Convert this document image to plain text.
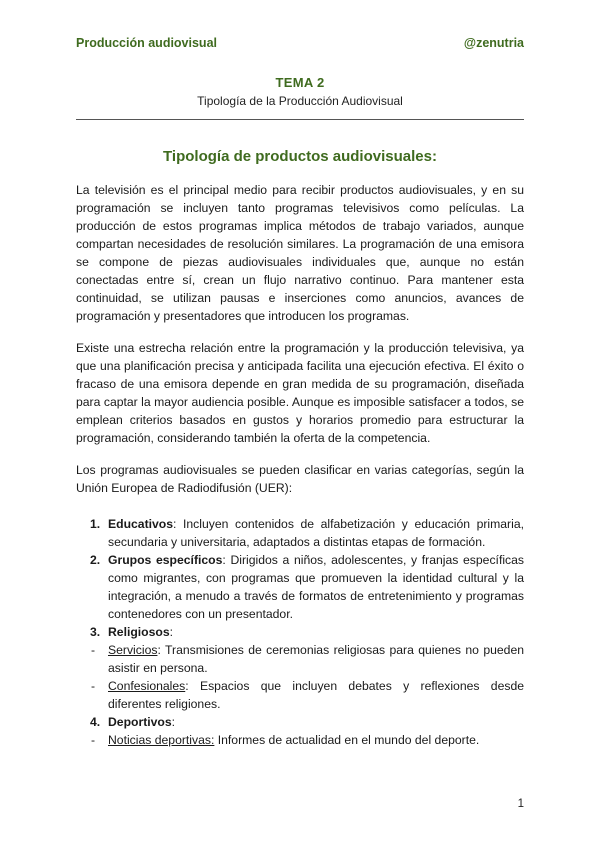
Producción audiovisual	@zenutria
TEMA 2
Tipología de la Producción Audiovisual
Tipología de productos audiovisuales:

La televisión es el principal medio para recibir productos audiovisuales, y en su programación se incluyen tanto programas televisivos como películas. La producción de estos programas implica métodos de trabajo variados, aunque compartan necesidades de resolución similares. La programación de una emisora se compone de piezas audiovisuales individuales que, aunque no están conectadas entre sí, crean un flujo narrativo continuo. Para mantener esta continuidad, se utilizan pausas e inserciones como anuncios, avances de programación y presentadores que introducen los programas.

Existe una estrecha relación entre la programación y la producción televisiva, ya que una planificación precisa y anticipada facilita una ejecución efectiva. El éxito o fracaso de una emisora depende en gran medida de su programación, diseñada para captar la mayor audiencia posible. Aunque es imposible satisfacer a todos, se emplean criterios basados en gustos y horarios promedio para estructurar la programación, considerando también la oferta de la competencia.

Los programas audiovisuales se pueden clasificar en varias categorías, según la Unión Europea de Radiodifusión (UER):

1. Educativos: Incluyen contenidos de alfabetización y educación primaria, secundaria y universitaria, adaptados a distintas etapas de formación.
2. Grupos específicos: Dirigidos a niños, adolescentes, y franjas específicas como migrantes, con programas que promueven la identidad cultural y la integración, a menudo a través de formatos de entretenimiento y programas contenedores con un presentador.
3. Religiosos:
- Servicios: Transmisiones de ceremonias religiosas para quienes no pueden asistir en persona.
- Confesionales: Espacios que incluyen debates y reflexiones desde diferentes religiones.
4. Deportivos:
- Noticias deportivas: Informes de actualidad en el mundo del deporte.
1
